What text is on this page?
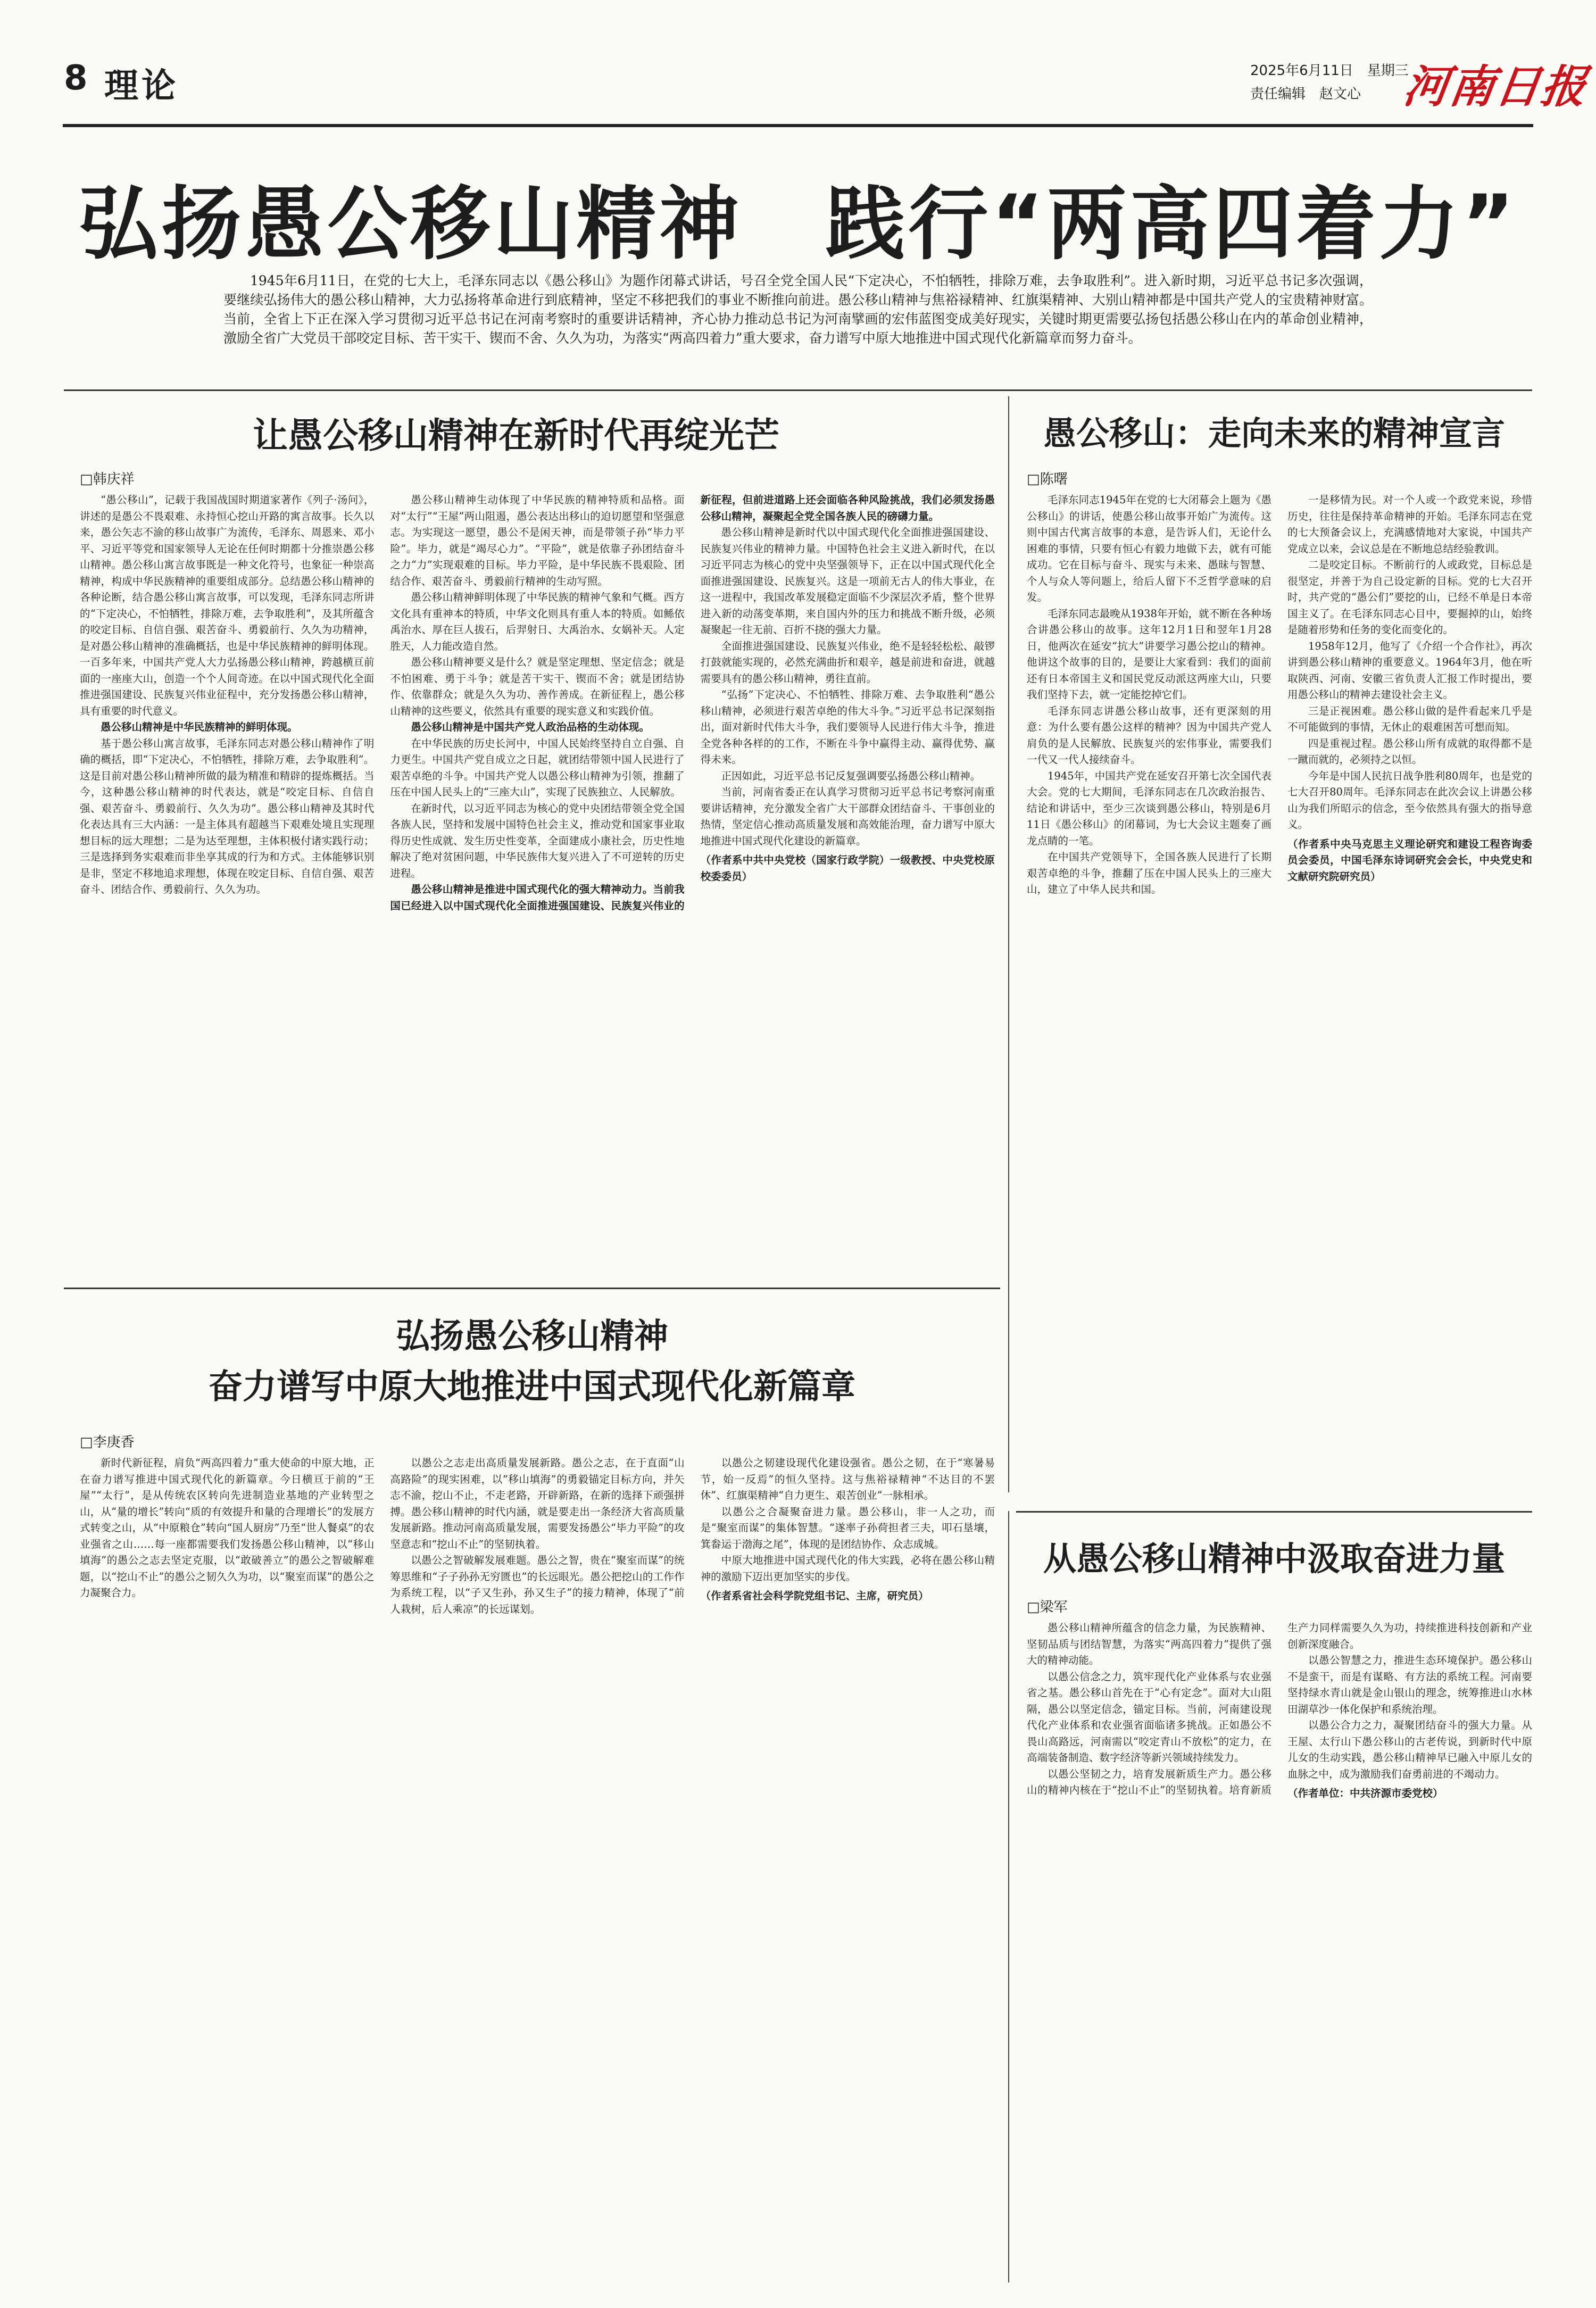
8 理论	2025年6月11日　星期三
责任编辑　赵文心 河南日报
弘扬愚公移山精神　践行“两高四着力”
1945年6月11日，在党的七大上，毛泽东同志以《愚公移山》为题作闭幕式讲话，号召全党全国人民“下定决心，不怕牺牲，排除万难，去争取胜利”。进入新时期，习近平总书记多次强调，要继续弘扬伟大的愚公移山精神，大力弘扬将革命进行到底精神，坚定不移把我们的事业不断推向前进。愚公移山精神与焦裕禄精神、红旗渠精神、大别山精神都是中国共产党人的宝贵精神财富。当前，全省上下正在深入学习贯彻习近平总书记在河南考察时的重要讲话精神，齐心协力推动总书记为河南擘画的宏伟蓝图变成美好现实，关键时期更需要弘扬包括愚公移山在内的革命创业精神，激励全省广大党员干部咬定目标、苦干实干、锲而不舍、久久为功，为落实“两高四着力”重大要求，奋力谱写中原大地推进中国式现代化新篇章而努力奋斗。
让愚公移山精神在新时代再绽光芒
□韩庆祥

“愚公移山”，记载于我国战国时期道家著作《列子·汤问》，讲述的是愚公不畏艰难、永持恒心挖山开路的寓言故事。长久以来，愚公矢志不渝的移山故事广为流传，毛泽东、周恩来、邓小平、习近平等党和国家领导人无论在任何时期都十分推崇愚公移山精神。愚公移山寓言故事既是一种文化符号，也象征一种崇高精神，构成中华民族精神的重要组成部分。总结愚公移山精神的各种论断，结合愚公移山寓言故事，可以发现，毛泽东同志所讲的“下定决心，不怕牺牲，排除万难，去争取胜利”，及其所蕴含的咬定目标、自信自强、艰苦奋斗、勇毅前行、久久为功精神，是对愚公移山精神的准确概括，也是中华民族精神的鲜明体现。一百多年来，中国共产党人大力弘扬愚公移山精神，跨越横亘前面的一座座大山，创造一个个人间奇迹。在以中国式现代化全面推进强国建设、民族复兴伟业征程中，充分发扬愚公移山精神，具有重要的时代意义。

愚公移山精神是中华民族精神的鲜明体现。

基于愚公移山寓言故事，毛泽东同志对愚公移山精神作了明确的概括，即“下定决心，不怕牺牲，排除万难，去争取胜利”。这是目前对愚公移山精神所做的最为精准和精辟的提炼概括。当今，这种愚公移山精神的时代表达，就是“咬定目标、自信自强、艰苦奋斗、勇毅前行、久久为功”。愚公移山精神及其时代化表达具有三大内涵：一是主体具有超越当下艰难处境且实现理想目标的远大理想；二是为达至理想，主体积极付诸实践行动；三是选择到务实艰难而非坐享其成的行为和方式。主体能够识别是非，坚定不移地追求理想，体现在咬定目标、自信自强、艰苦奋斗、团结合作、勇毅前行、久久为功。

愚公移山精神生动体现了中华民族的精神特质和品格。面对“太行”“王屋”两山阻遏，愚公表达出移山的迫切愿望和坚强意志。为实现这一愿望，愚公不是闲天神，而是带领子孙“毕力平险”。毕力，就是“竭尽心力”。“平险”，就是依靠子孙团结奋斗之力“力”实现艰难的目标。毕力平险，是中华民族不畏艰险、团结合作、艰苦奋斗、勇毅前行精神的生动写照。

愚公移山精神鲜明体现了中华民族的精神气象和气概。西方文化具有重神本的特质，中华文化则具有重人本的特质。如鲧依禹治水、厚在巨人拔石，后羿射日、大禹治水、女娲补天。人定胜天，人力能改造自然。

愚公移山精神要义是什么？就是坚定理想、坚定信念；就是不怕困难、勇于斗争；就是苦干实干、锲而不舍；就是团结协作、依靠群众；就是久久为功、善作善成。在新征程上，愚公移山精神的这些要义，依然具有重要的现实意义和实践价值。

愚公移山精神是中国共产党人政治品格的生动体现。

在中华民族的历史长河中，中国人民始终坚持自立自强、自力更生。中国共产党自成立之日起，就团结带领中国人民进行了艰苦卓绝的斗争。中国共产党人以愚公移山精神为引领，推翻了压在中国人民头上的“三座大山”，实现了民族独立、人民解放。

在新时代，以习近平同志为核心的党中央团结带领全党全国各族人民，坚持和发展中国特色社会主义，推动党和国家事业取得历史性成就、发生历史性变革，全面建成小康社会，历史性地解决了绝对贫困问题，中华民族伟大复兴进入了不可逆转的历史进程。

愚公移山精神是推进中国式现代化的强大精神动力。当前我国已经进入以中国式现代化全面推进强国建设、民族复兴伟业的新征程，但前进道路上还会面临各种风险挑战，我们必须发扬愚公移山精神，凝聚起全党全国各族人民的磅礴力量。

愚公移山精神是新时代以中国式现代化全面推进强国建设、民族复兴伟业的精神力量。中国特色社会主义进入新时代，在以习近平同志为核心的党中央坚强领导下，正在以中国式现代化全面推进强国建设、民族复兴。这是一项前无古人的伟大事业，在这一进程中，我国改革发展稳定面临不少深层次矛盾，整个世界进入新的动荡变革期，来自国内外的压力和挑战不断升级，必须凝聚起一往无前、百折不挠的强大力量。

全面推进强国建设、民族复兴伟业，绝不是轻轻松松、敲锣打鼓就能实现的，必然充满曲折和艰辛，越是前进和奋进，就越需要具有的愚公移山精神，勇往直前。

“弘扬”下定决心、不怕牺牲、排除万难、去争取胜利“愚公移山精神，必须进行艰苦卓绝的伟大斗争。”习近平总书记深刻指出，面对新时代伟大斗争，我们要领导人民进行伟大斗争，推进全党各种各样的的工作，不断在斗争中赢得主动、赢得优势、赢得未来。

正因如此，习近平总书记反复强调要弘扬愚公移山精神。

当前，河南省委正在认真学习贯彻习近平总书记考察河南重要讲话精神，充分激发全省广大干部群众团结奋斗、干事创业的热情，坚定信心推动高质量发展和高效能治理，奋力谱写中原大地推进中国式现代化建设的新篇章。

（作者系中共中央党校（国家行政学院）一级教授、中央党校原校委委员）

愚公移山：走向未来的精神宣言
□陈曙

毛泽东同志1945年在党的七大闭幕会上题为《愚公移山》的讲话，使愚公移山故事开始广为流传。这则中国古代寓言故事的本意，是告诉人们，无论什么困难的事情，只要有恒心有毅力地做下去，就有可能成功。它在目标与奋斗、现实与未来、愚昧与智慧、个人与众人等问题上，给后人留下不乏哲学意味的启发。

毛泽东同志最晚从1938年开始，就不断在各种场合讲愚公移山的故事。这年12月1日和翌年1月28日，他两次在延安“抗大”讲要学习愚公挖山的精神。他讲这个故事的目的，是要让大家看到：我们的面前还有日本帝国主义和国民党反动派这两座大山，只要我们坚持下去，就一定能挖掉它们。

毛泽东同志讲愚公移山故事，还有更深刻的用意：为什么要有愚公这样的精神？因为中国共产党人肩负的是人民解放、民族复兴的宏伟事业，需要我们一代又一代人接续奋斗。

1945年，中国共产党在延安召开第七次全国代表大会。党的七大期间，毛泽东同志在几次政治报告、结论和讲话中，至少三次谈到愚公移山，特别是6月11日《愚公移山》的闭幕词，为七大会议主题奏了画龙点睛的一笔。

在中国共产党领导下，全国各族人民进行了长期艰苦卓绝的斗争，推翻了压在中国人民头上的三座大山，建立了中华人民共和国。

一是移情为民。对一个人或一个政党来说，珍惜历史，往往是保持革命精神的开始。毛泽东同志在党的七大预备会议上，充满感情地对大家说，中国共产党成立以来，会议总是在不断地总结经验教训。

二是咬定目标。不断前行的人或政党，目标总是很坚定，并善于为自己设定新的目标。党的七大召开时，共产党的“愚公们”要挖的山，已经不单是日本帝国主义了。在毛泽东同志心目中，要掘掉的山，始终是随着形势和任务的变化而变化的。

1958年12月，他写了《介绍一个合作社》，再次讲到愚公移山精神的重要意义。1964年3月，他在听取陕西、河南、安徽三省负责人汇报工作时提出，要用愚公移山的精神去建设社会主义。

三是正视困难。愚公移山做的是件看起来几乎是不可能做到的事情，无休止的艰难困苦可想而知。

四是重视过程。愚公移山所有成就的取得都不是一蹴而就的，必须持之以恒。

今年是中国人民抗日战争胜利80周年，也是党的七大召开80周年。毛泽东同志在此次会议上讲愚公移山为我们所昭示的信念，至今依然具有强大的指导意义。

（作者系中央马克思主义理论研究和建设工程咨询委员会委员，中国毛泽东诗词研究会会长，中央党史和文献研究院研究员）

弘扬愚公移山精神
奋力谱写中原大地推进中国式现代化新篇章
□李庚香

新时代新征程，肩负“两高四着力”重大使命的中原大地，正在奋力谱写推进中国式现代化的新篇章。今日横亘于前的“王屋”“太行”，是从传统农区转向先进制造业基地的产业转型之山，从“量的增长”转向“质的有效提升和量的合理增长”的发展方式转变之山，从“中原粮仓”转向“国人厨房”乃至“世人餐桌”的农业强省之山……每一座都需要我们发扬愚公移山精神，以“移山填海”的愚公之志去坚定克服，以“敢破善立”的愚公之智破解难题，以“挖山不止”的愚公之韧久久为功，以“聚室而谋”的愚公之力凝聚合力。

以愚公之志走出高质量发展新路。愚公之志，在于直面“山高路险”的现实困难，以“移山填海”的勇毅锚定目标方向，并矢志不渝，挖山不止，不走老路，开辟新路，在新的选择下顽强拼搏。愚公移山精神的时代内涵，就是要走出一条经济大省高质量发展新路。推动河南高质量发展，需要发扬愚公“毕力平险”的攻坚意志和“挖山不止”的坚韧执着。

以愚公之智破解发展难题。愚公之智，贵在“聚室而谋”的统筹思维和“子子孙孙无穷匮也”的长远眼光。愚公把挖山的工作作为系统工程，以“子又生孙，孙又生子”的接力精神，体现了“前人栽树，后人乘凉”的长远谋划。

以愚公之韧建设现代化建设强省。愚公之韧，在于“寒暑易节，始一反焉”的恒久坚持。这与焦裕禄精神“不达目的不罢休”、红旗渠精神“自力更生、艰苦创业”一脉相承。

以愚公之合凝聚奋进力量。愚公移山，非一人之功，而是“聚室而谋”的集体智慧。“遂率子孙荷担者三夫，叩石垦壤，箕畚运于渤海之尾”，体现的是团结协作、众志成城。

中原大地推进中国式现代化的伟大实践，必将在愚公移山精神的激励下迈出更加坚实的步伐。

（作者系省社会科学院党组书记、主席，研究员）

从愚公移山精神中汲取奋进力量
□梁军

愚公移山精神所蕴含的信念力量，为民族精神、坚韧品质与团结智慧，为落实“两高四着力”提供了强大的精神动能。

以愚公信念之力，筑牢现代化产业体系与农业强省之基。愚公移山首先在于“心有定念”。面对大山阻隔，愚公以坚定信念，锚定目标。当前，河南建设现代化产业体系和农业强省面临诸多挑战。正如愚公不畏山高路远，河南需以“咬定青山不放松”的定力，在高端装备制造、数字经济等新兴领域持续发力。

以愚公坚韧之力，培育发展新质生产力。愚公移山的精神内核在于“挖山不止”的坚韧执着。培育新质生产力同样需要久久为功，持续推进科技创新和产业创新深度融合。

以愚公智慧之力，推进生态环境保护。愚公移山不是蛮干，而是有谋略、有方法的系统工程。河南要坚持绿水青山就是金山银山的理念，统筹推进山水林田湖草沙一体化保护和系统治理。

以愚公合力之力，凝聚团结奋斗的强大力量。从王屋、太行山下愚公移山的古老传说，到新时代中原儿女的生动实践，愚公移山精神早已融入中原儿女的血脉之中，成为激励我们奋勇前进的不竭动力。

（作者单位：中共济源市委党校）
